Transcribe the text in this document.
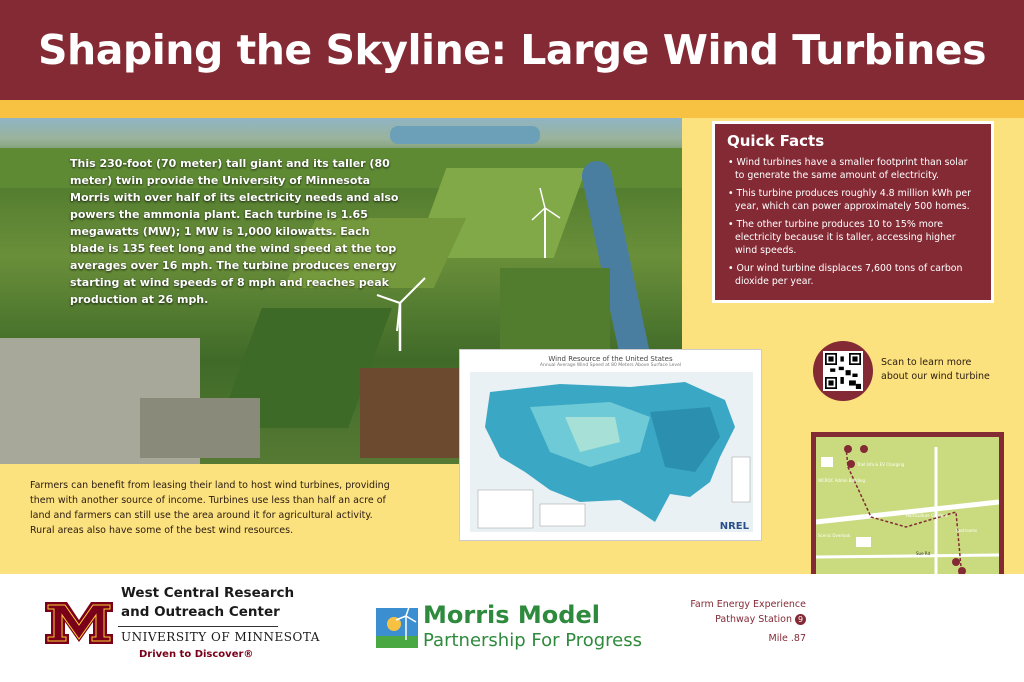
Shaping the Skyline: Large Wind Turbines
This 230-foot (70 meter) tall giant and its taller (80 meter) twin provide the University of Minnesota Morris with over half of its electricity needs and also powers the ammonia plant. Each turbine is 1.65 megawatts (MW); 1 MW is 1,000 kilowatts. Each blade is 135 feet long and the wind speed at the top averages over 16 mph. The turbine produces energy starting at wind speeds of 8 mph and reaches peak production at 26 mph.
Farmers can benefit from leasing their land to host wind turbines, providing them with another source of income. Turbines use less than half an acre of land and farmers can still use the area around it for agricultural activity. Rural areas also have some of the best wind resources.
Quick Facts
• Wind turbines have a smaller footprint than solar to generate the same amount of electricity.
• This turbine produces roughly 4.8 million kWh per year, which can power approximately 500 homes.
• The other turbine produces 10 to 15% more electricity because it is taller, accessing higher wind speeds.
• Our wind turbine displaces 7,600 tons of carbon dioxide per year.
Wind Resource of the United States
Annual Average Wind Speed at 80 Meters Above Surface Level
NREL
Scan to learn more about our wind turbine
Trail Info & EV Charging
WCROC Admin Building
Horticulture Gardens
Restrooms
Scenic Overlook
Sue Rd
West Central Research
and Outreach Center
UNIVERSITY OF MINNESOTA
Driven to Discover®
Morris Model
Partnership For Progress
Farm Energy Experience
Pathway Station 9
Mile .87
